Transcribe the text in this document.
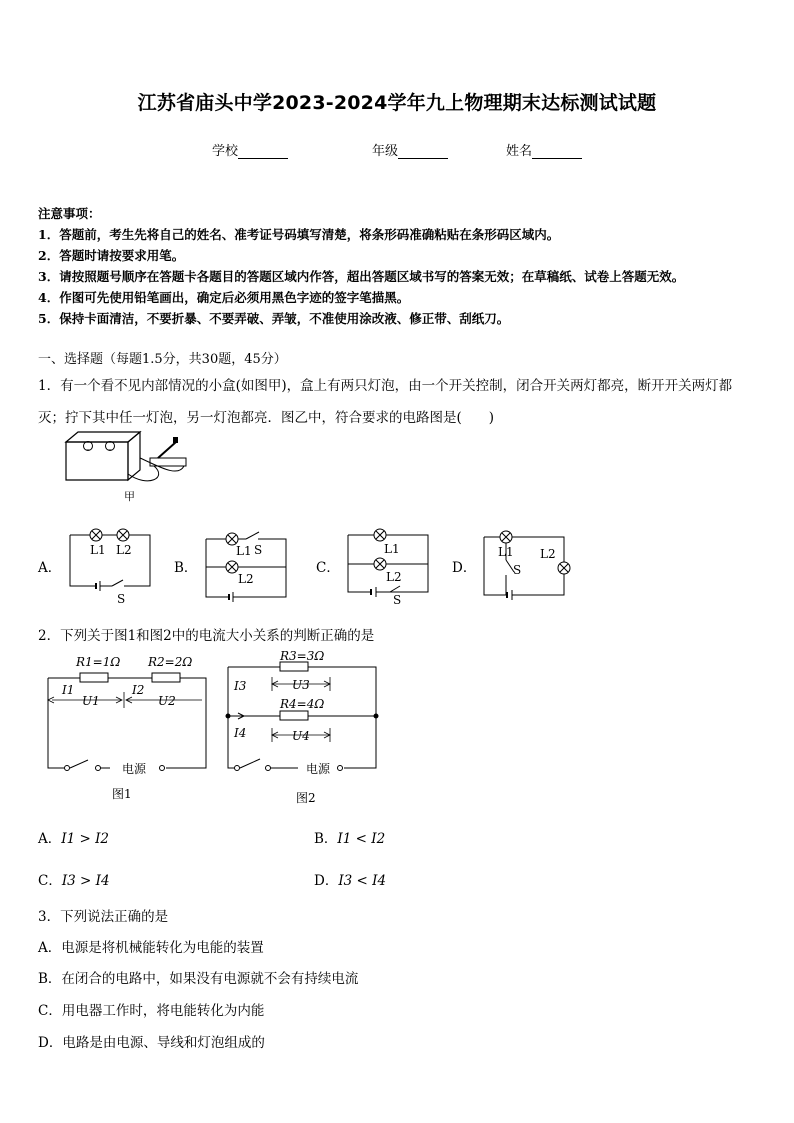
江苏省庙头中学2023-2024学年九上物理期末达标测试试题
学校	年级	姓名
注意事项：
1．答题前，考生先将自己的姓名、准考证号码填写清楚，将条形码准确粘贴在条形码区域内。
2．答题时请按要求用笔。
3．请按照题号顺序在答题卡各题目的答题区域内作答，超出答题区域书写的答案无效；在草稿纸、试卷上答题无效。
4．作图可先使用铅笔画出，确定后必须用黑色字迹的签字笔描黑。
5．保持卡面清洁，不要折暴、不要弄破、弄皱，不准使用涂改液、修正带、刮纸刀。
一、选择题（每题1.5分，共30题，45分）
1．有一个看不见内部情况的小盒(如图甲)，盒上有两只灯泡，由一个开关控制，闭合开关两灯都亮，断开开关两灯都
灭；拧下其中任一灯泡，另一灯泡都亮．图乙中，符合要求的电路图是(　　)
甲
A．
L1 L2
S
B．
L1 S
L2
C．
L1
L2
S
D．
L1 L2
S
2．下列关于图1和图2中的电流大小关系的判断正确的是
R1=1Ω R2=2Ω
I1	I2
U1	U2
电源
图1
R3=3Ω
R4=4Ω
I3
I4
U3
U4
电源
图2
A．I1 > I2	B．I1 < I2
C．I3 > I4	D．I3 < I4
3．下列说法正确的是
A．电源是将机械能转化为电能的装置
B．在闭合的电路中，如果没有电源就不会有持续电流
C．用电器工作时，将电能转化为内能
D．电路是由电源、导线和灯泡组成的
